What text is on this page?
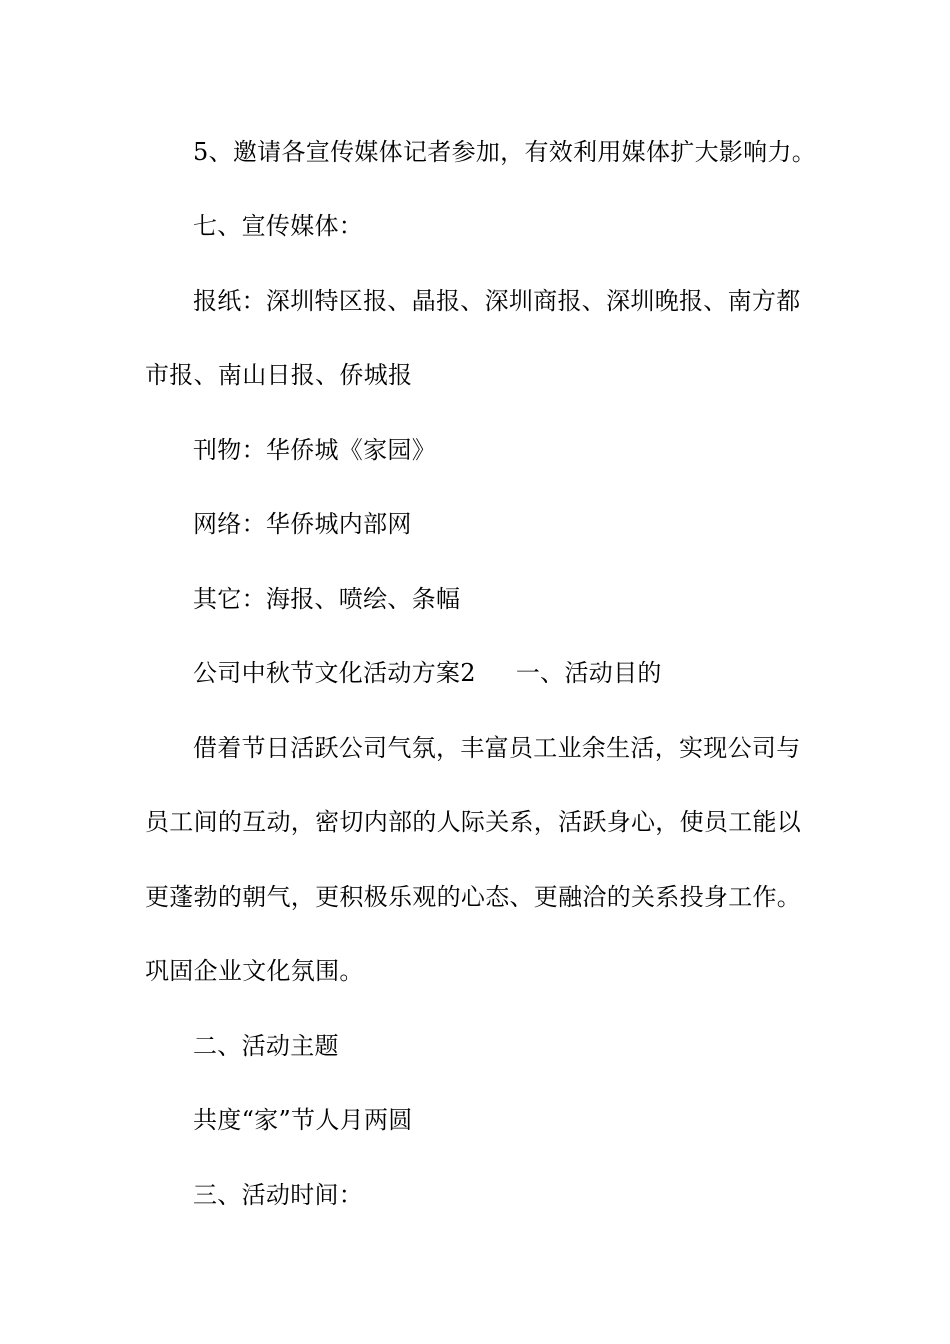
5、邀请各宣传媒体记者参加，有效利用媒体扩大影响力。
七、宣传媒体：
报纸：深圳特区报、晶报、深圳商报、深圳晚报、南方都
市报、南山日报、侨城报
刊物：华侨城《家园》
网络：华侨城内部网
其它：海报、喷绘、条幅
公司中秋节文化活动方案2 一、活动目的
借着节日活跃公司气氛，丰富员工业余生活，实现公司与
员工间的互动，密切内部的人际关系，活跃身心，使员工能以
更蓬勃的朝气，更积极乐观的心态、更融洽的关系投身工作。
巩固企业文化氛围。
二、活动主题
共度“家”节人月两圆
三、活动时间：
